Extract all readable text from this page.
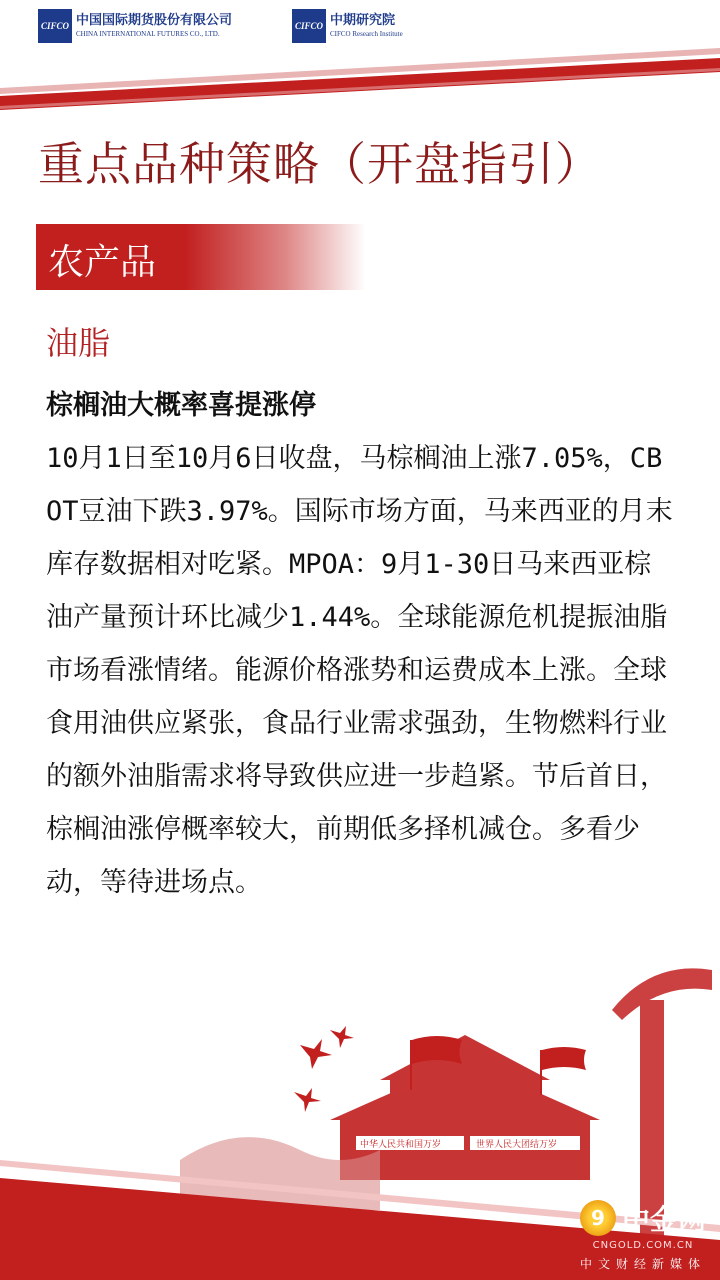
CIFCO 中国国际期货股份有限公司
CHINA INTERNATIONAL FUTURES CO., LTD.
CIFCO 中期研究院
CIFCO Research Institute
重点品种策略（开盘指引）
农产品
油脂
棕榈油大概率喜提涨停
10月1日至10月6日收盘，马棕榈油上涨7.05%，CBOT豆油下跌3.97%。国际市场方面，马来西亚的月末库存数据相对吃紧。MPOA：9月1-30日马来西亚棕油产量预计环比减少1.44%。全球能源危机提振油脂市场看涨情绪。能源价格涨势和运费成本上涨。全球食用油供应紧张，食品行业需求强劲，生物燃料行业的额外油脂需求将导致供应进一步趋紧。节后首日，棕榈油涨停概率较大，前期低多择机减仓。多看少动，等待进场点。
中华人民共和国万岁	世界人民大团结万岁
9 中金网
CNGOLD.COM.CN
中文财经新媒体
